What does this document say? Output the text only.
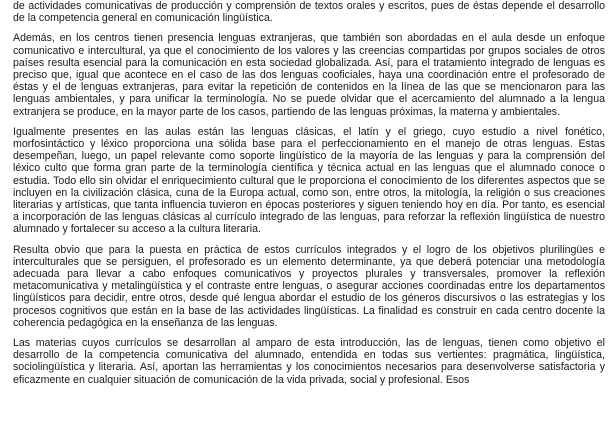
de actividades comunicativas de producción y comprensión de textos orales y escritos, pues de éstas depende el desarrollo de la competencia general en comunicación lingüística.

Además, en los centros tienen presencia lenguas extranjeras, que también son abordadas en el aula desde un enfoque comunicativo e intercultural, ya que el conocimiento de los valores y las creencias compartidas por grupos sociales de otros países resulta esencial para la comunicación en esta sociedad globalizada. Así, para el tratamiento integrado de lenguas es preciso que, igual que acontece en el caso de las dos lenguas cooficiales, haya una coordinación entre el profesorado de éstas y el de lenguas extranjeras, para evitar la repetición de contenidos en la línea de las que se mencionaron para las lenguas ambientales, y para unificar la terminología. No se puede olvidar que el acercamiento del alumnado a la lengua extranjera se produce, en la mayor parte de los casos, partiendo de las lenguas próximas, la materna y ambientales.

Igualmente presentes en las aulas están las lenguas clásicas, el latín y el griego, cuyo estudio a nivel fonético, morfosintáctico y léxico proporciona una sólida base para el perfeccionamiento en el manejo de otras lenguas. Estas desempeñan, luego, un papel relevante como soporte lingüístico de la mayoría de las lenguas y para la comprensión del léxico culto que forma gran parte de la terminología científica y técnica actual en las lenguas que el alumnado conoce o estudia. Todo ello sin olvidar el enriquecimiento cultural que le proporciona el conocimiento de los diferentes aspectos que se incluyen en la civilización clásica, cuna de la Europa actual, como son, entre otros, la mitología, la religión o sus creaciones literarias y artísticas, que tanta influencia tuvieron en épocas posteriores y siguen teniendo hoy en día. Por tanto, es esencial a incorporación de las lenguas clásicas al currículo integrado de las lenguas, para reforzar la reflexión lingüística de nuestro alumnado y fortalecer su acceso a la cultura literaria.

Resulta obvio que para la puesta en práctica de estos currículos integrados y el logro de los objetivos plurilingües e interculturales que se persiguen, el profesorado es un elemento determinante, ya que deberá potenciar una metodología adecuada para llevar a cabo enfoques comunicativos y proyectos plurales y transversales, promover la reflexión metacomunicativa y metalingüística y el contraste entre lenguas, o asegurar acciones coordinadas entre los departamentos lingüísticos para decidir, entre otros, desde qué lengua abordar el estudio de los géneros discursivos o las estrategias y los procesos cognitivos que están en la base de las actividades lingüísticas. La finalidad es construir en cada centro docente la coherencia pedagógica en la enseñanza de las lenguas.

Las materias cuyos currículos se desarrollan al amparo de esta introducción, las de lenguas, tienen como objetivo el desarrollo de la competencia comunicativa del alumnado, entendida en todas sus vertientes: pragmática, lingüística, sociolingüística y literaria. Así, aportan las herramientas y los conocimientos necesarios para desenvolverse satisfactoria y eficazmente en cualquier situación de comunicación de la vida privada, social y profesional. Esos
